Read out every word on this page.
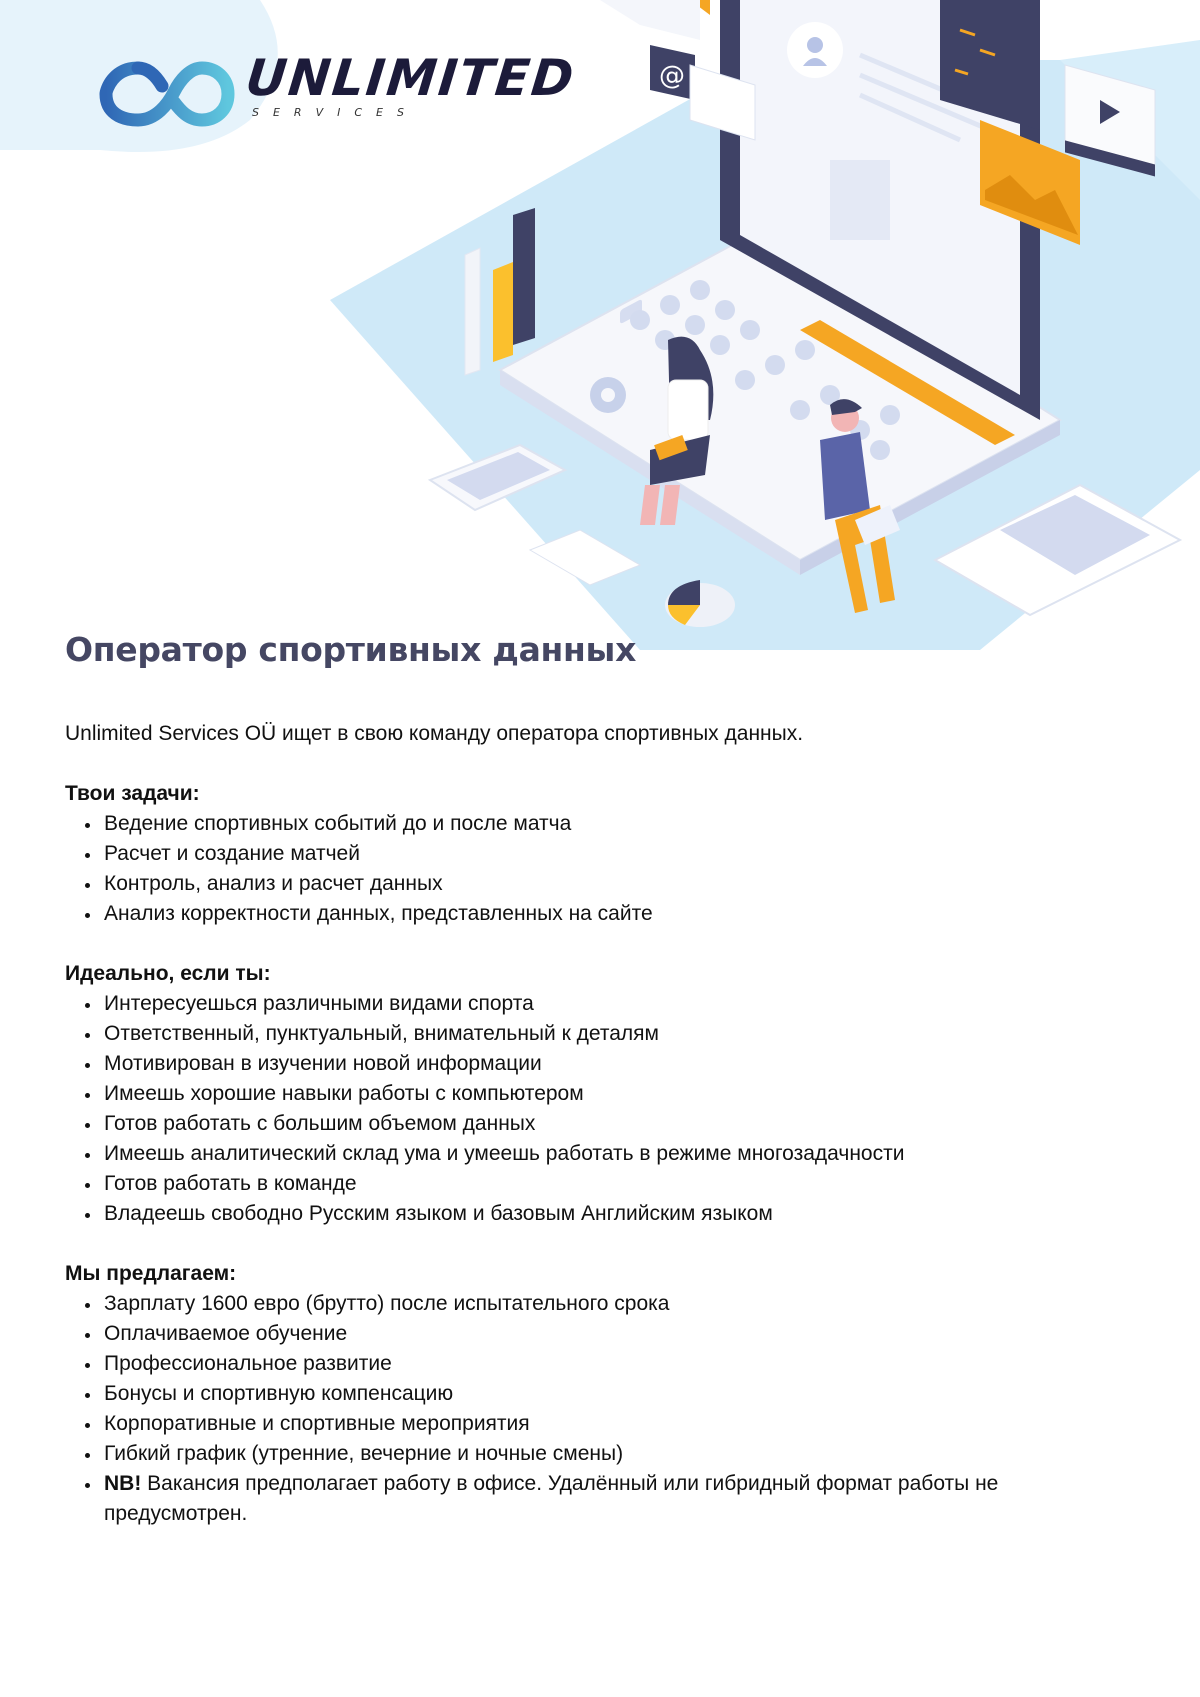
@
UNLIMITED
SERVICES
Оператор спортивных данных
Unlimited Services OÜ ищет в свою команду оператора спортивных данных.
Твои задачи:
• Ведение спортивных событий до и после матча
• Расчет и создание матчей
• Контроль, анализ и расчет данных
• Анализ корректности данных, представленных на сайте
Идеально, если ты:
• Интересуешься различными видами спорта
• Ответственный, пунктуальный, внимательный к деталям
• Мотивирован в изучении новой информации
• Имеешь хорошие навыки работы с компьютером
• Готов работать с большим объемом данных
• Имеешь аналитический склад ума и умеешь работать в режиме многозадачности
• Готов работать в команде
• Владеешь свободно Русским языком и базовым Английским языком
Мы предлагаем:
• Зарплату 1600 евро (брутто) после испытательного срока
• Оплачиваемое обучение
• Профессиональное развитие
• Бонусы и спортивную компенсацию
• Корпоративные и спортивные мероприятия
• Гибкий график (утренние, вечерние и ночные смены)
• NB! Вакансия предполагает работу в офисе. Удалённый или гибридный формат работы не предусмотрен.
